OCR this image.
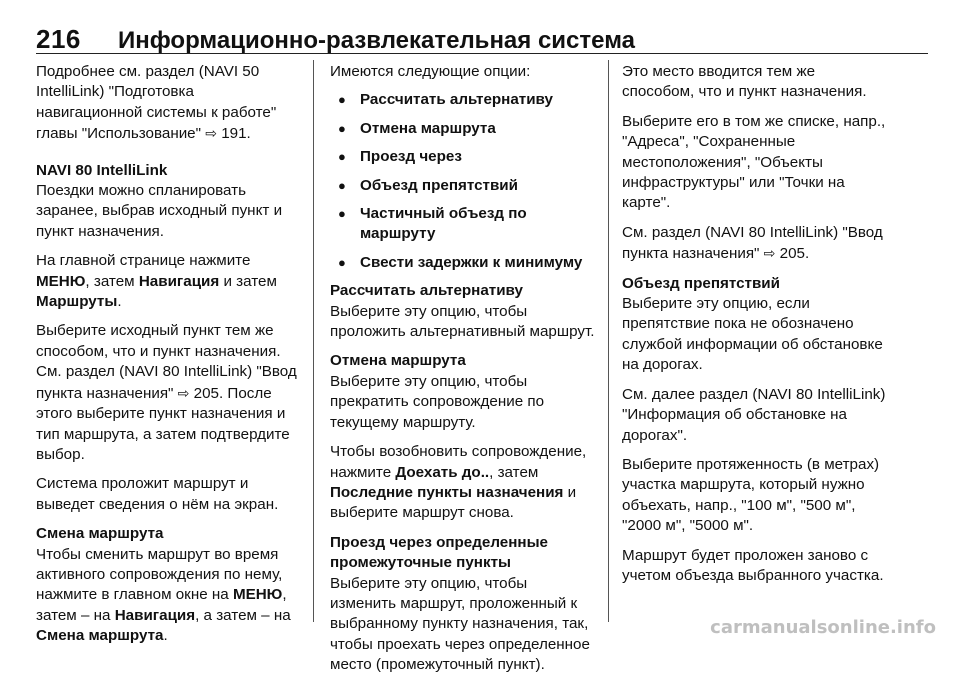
216	Информационно-развлекательная система

Подробнее см. раздел (NAVI 50 IntelliLink) "Подготовка навигационной системы к работе" главы "Использование" ⇨ 191.

NAVI 80 IntelliLink
Поездки можно спланировать заранее, выбрав исходный пункт и пункт назначения.

На главной странице нажмите МЕНЮ, затем Навигация и затем Маршруты.

Выберите исходный пункт тем же способом, что и пункт назначения. См. раздел (NAVI 80 IntelliLink) "Ввод пункта назначения" ⇨ 205. После этого выберите пункт назначения и тип маршрута, а затем подтвердите выбор.

Система проложит маршрут и выведет сведения о нём на экран.

Смена маршрута
Чтобы сменить маршрут во время активного сопровождения по нему, нажмите в главном окне на МЕНЮ, затем – на Навигация, а затем – на Смена маршрута.

Имеются следующие опции:

● Рассчитать альтернативу
● Отмена маршрута
● Проезд через
● Объезд препятствий
● Частичный объезд по маршруту
● Свести задержки к минимуму

Рассчитать альтернативу
Выберите эту опцию, чтобы проложить альтернативный маршрут.

Отмена маршрута
Выберите эту опцию, чтобы прекратить сопровождение по текущему маршруту.

Чтобы возобновить сопровождение, нажмите Доехать до.., затем Последние пункты назначения и выберите маршрут снова.

Проезд через определенные промежуточные пункты
Выберите эту опцию, чтобы изменить маршрут, проложенный к выбранному пункту назначения, так, чтобы проехать через определенное место (промежуточный пункт).

Это место вводится тем же способом, что и пункт назначения.

Выберите его в том же списке, напр., "Адреса", "Сохраненные местоположения", "Объекты инфраструктуры" или "Точки на карте".

См. раздел (NAVI 80 IntelliLink) "Ввод пункта назначения" ⇨ 205.

Объезд препятствий
Выберите эту опцию, если препятствие пока не обозначено службой информации об обстановке на дорогах.

См. далее раздел (NAVI 80 IntelliLink) "Информация об обстановке на дорогах".

Выберите протяженность (в метрах) участка маршрута, который нужно объехать, напр., "100 м", "500 м", "2000 м", "5000 м".

Маршрут будет проложен заново с учетом объезда выбранного участка.

carmanualsonline.info
